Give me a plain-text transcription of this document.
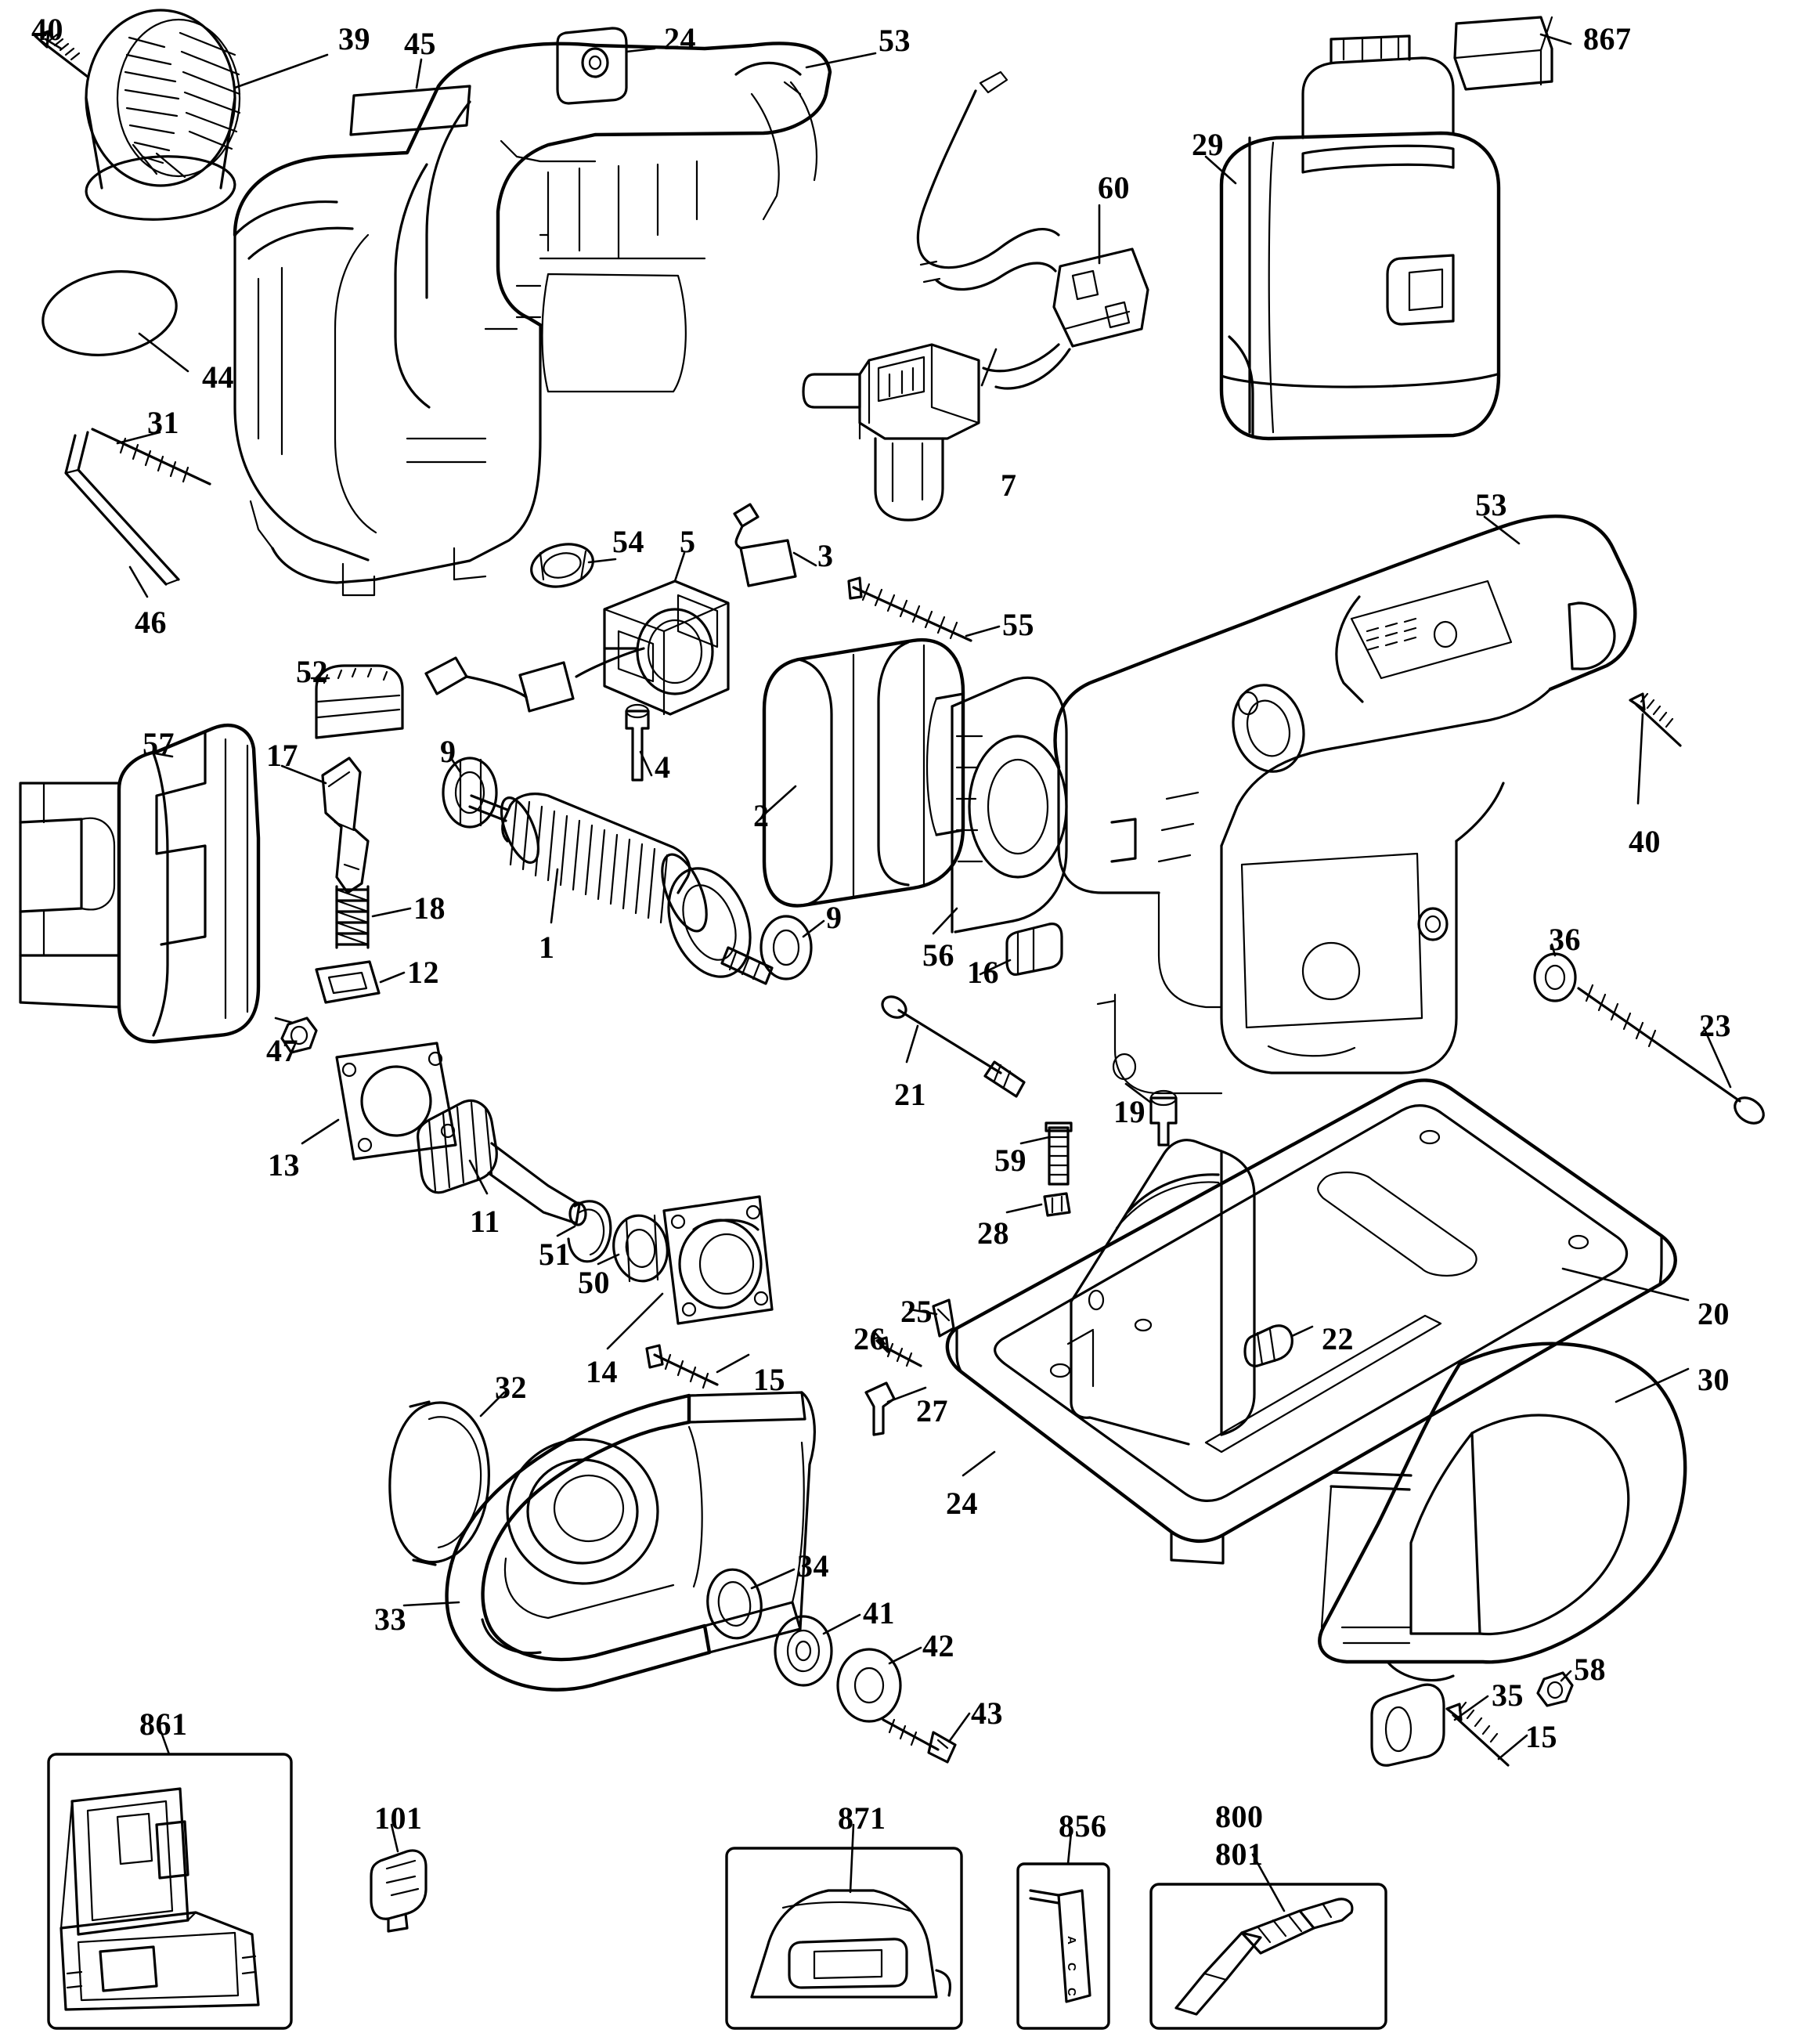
A
C
C
40	39 45	24	53	867
29
60
44
31
46
7
54 5	3
55
53
52
57	17	9	4
2
40
18
1
9
56 16
12
47
36
23
21	19
13	59
28
11
51
50
14	15
25
26
27
22
20
30
32
24
33
34
41
42
43
35
58
15
861
101	871	856	800
801
